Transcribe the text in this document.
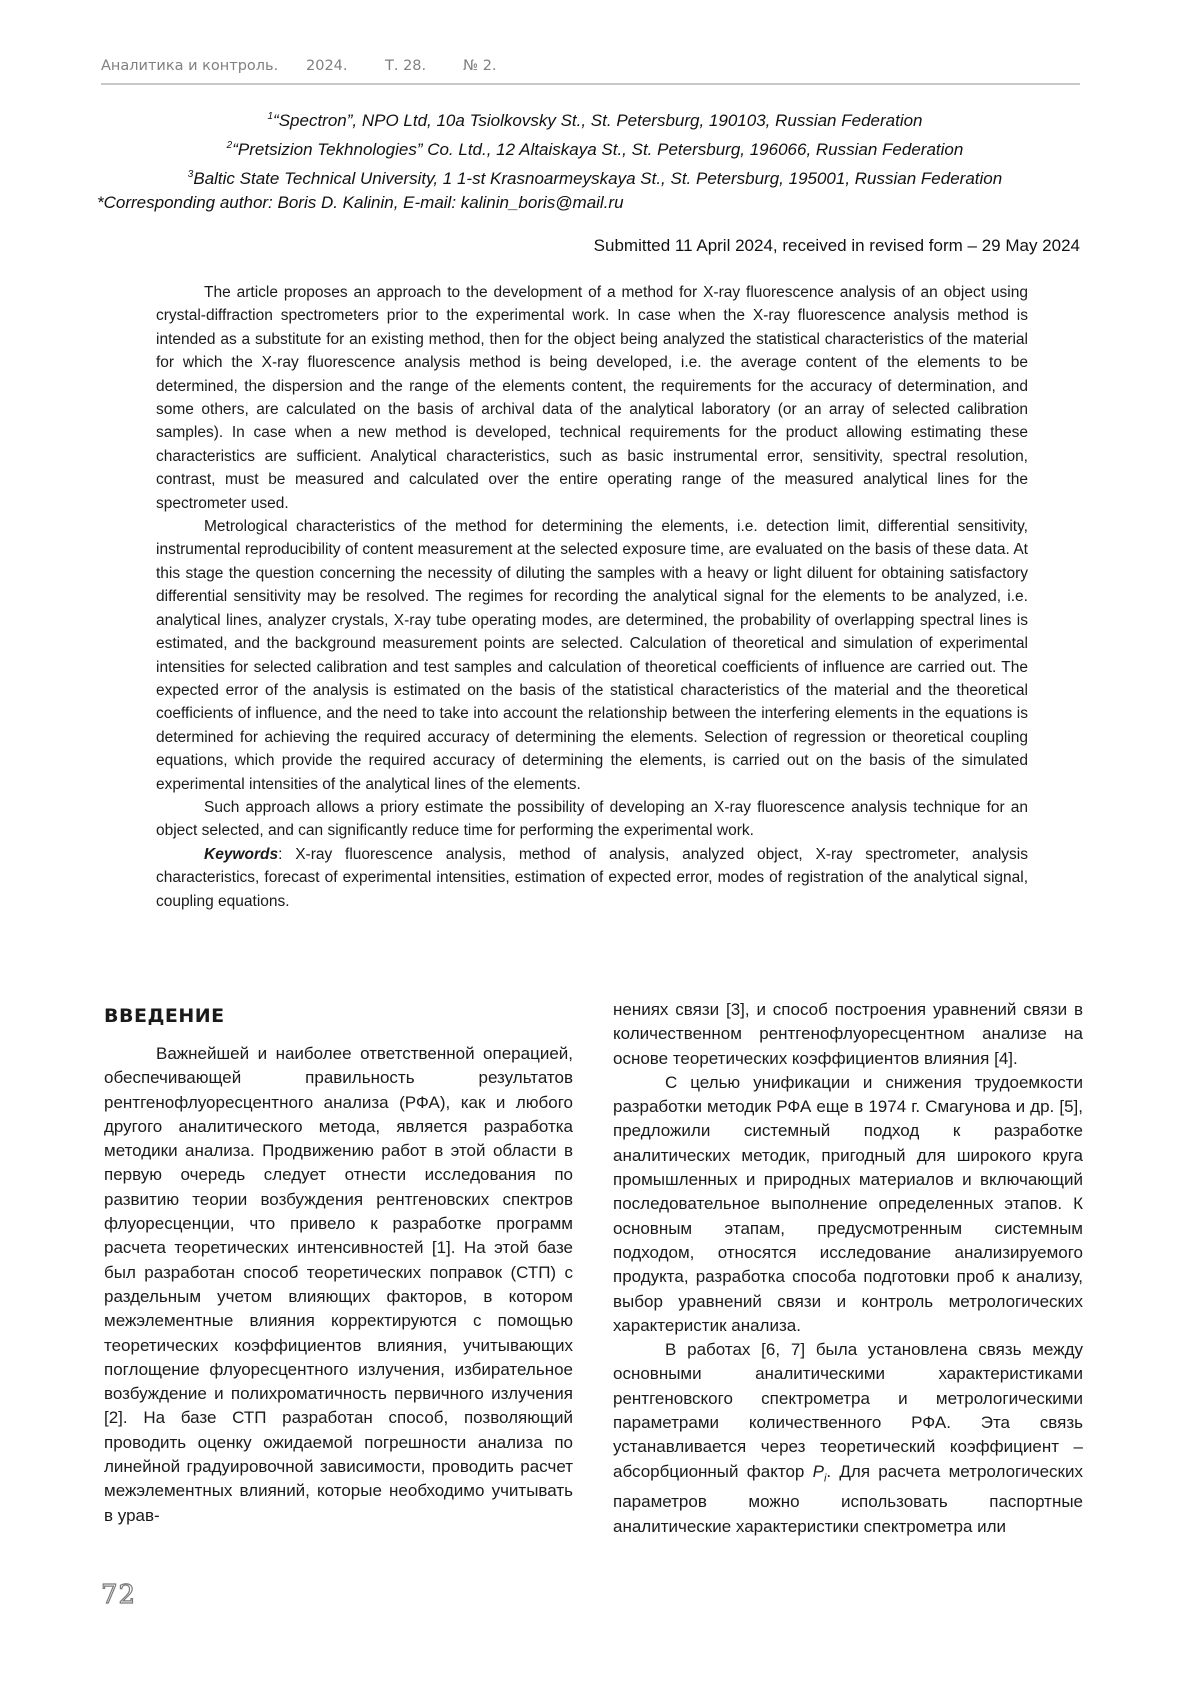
Аналитика и контроль. 2024.	Т. 28.	№ 2.
$^1$“Spectron”, NPO Ltd, 10a Tsiolkovsky St., St. Petersburg, 190103, Russian Federation
$^2$“Pretsizion Tekhnologies” Co. Ltd., 12 Altaiskaya St., St. Petersburg, 196066, Russian Federation
$^3$Baltic State Technical University, 1 1-st Krasnoarmeyskaya St., St. Petersburg, 195001, Russian Federation
*Corresponding author: Boris D. Kalinin, E-mail: kalinin_boris@mail.ru
Submitted 11 April 2024, received in revised form – 29 May 2024

The article proposes an approach to the development of a method for X-ray fluorescence analysis of an object using crystal-diffraction spectrometers prior to the experimental work. In case when the X-ray fluorescence analysis method is intended as a substitute for an existing method, then for the object being analyzed the statistical characteristics of the material for which the X-ray fluorescence analysis method is being developed, i.e. the average content of the elements to be determined, the dispersion and the range of the elements content, the requirements for the accuracy of determination, and some others, are calculated on the basis of archival data of the analytical laboratory (or an array of selected calibration samples). In case when a new method is developed, technical requirements for the product allowing estimating these characteristics are sufficient. Analytical characteristics, such as basic instrumental error, sensitivity, spectral resolution, contrast, must be measured and calculated over the entire operating range of the measured analytical lines for the spectrometer used.

Metrological characteristics of the method for determining the elements, i.e. detection limit, differential sensitivity, instrumental reproducibility of content measurement at the selected exposure time, are evaluated on the basis of these data. At this stage the question concerning the necessity of diluting the samples with a heavy or light diluent for obtaining satisfactory differential sensitivity may be resolved. The regimes for recording the analytical signal for the elements to be analyzed, i.e. analytical lines, analyzer crystals, X-ray tube operating modes, are determined, the probability of overlapping spectral lines is estimated, and the background measurement points are selected. Calculation of theoretical and simulation of experimental intensities for selected calibration and test samples and calculation of theoretical coefficients of influence are carried out. The expected error of the analysis is estimated on the basis of the statistical characteristics of the material and the theoretical coefficients of influence, and the need to take into account the relationship between the interfering elements in the equations is determined for achieving the required accuracy of determining the elements. Selection of regression or theoretical coupling equations, which provide the required accuracy of determining the elements, is carried out on the basis of the simulated experimental intensities of the analytical lines of the elements.

Such approach allows a priory estimate the possibility of developing an X-ray fluorescence analysis technique for an object selected, and can significantly reduce time for performing the experimental work.

Keywords: X-ray fluorescence analysis, method of analysis, analyzed object, X-ray spectrometer, analysis characteristics, forecast of experimental intensities, estimation of expected error, modes of registration of the analytical signal, coupling equations.

ВВЕДЕНИЕ

Важнейшей и наиболее ответственной операцией, обеспечивающей правильность результатов рентгенофлуоресцентного анализа (РФА), как и любого другого аналитического метода, является разработка методики анализа. Продвижению работ в этой области в первую очередь следует отнести исследования по развитию теории возбуждения рентгеновских спектров флуоресценции, что привело к разработке программ расчета теоретических интенсивностей [1]. На этой базе был разработан способ теоретических поправок (СТП) с раздельным учетом влияющих факторов, в котором межэлементные влияния корректируются с помощью теоретических коэффициентов влияния, учитывающих поглощение флуоресцентного излучения, избирательное возбуждение и полихроматичность первичного излучения [2]. На базе СТП разработан способ, позволяющий проводить оценку ожидаемой погрешности анализа по линейной градуировочной зависимости, проводить расчет межэлементных влияний, которые необходимо учитывать в урав-

нениях связи [3], и способ построения уравнений связи в количественном рентгенофлуоресцентном анализе на основе теоретических коэффициентов влияния [4].

С целью унификации и снижения трудоемкости разработки методик РФА еще в 1974 г. Смагунова и др. [5], предложили системный подход к разработке аналитических методик, пригодный для широкого круга промышленных и природных материалов и включающий последовательное выполнение определенных этапов. К основным этапам, предусмотренным системным подходом, относятся исследование анализируемого продукта, разработка способа подготовки проб к анализу, выбор уравнений связи и контроль метрологических характеристик анализа.

В работах [6, 7] была установлена связь между основными аналитическими характеристиками рентгеновского спектрометра и метрологическими параметрами количественного РФА. Эта связь устанавливается через теоретический коэффициент – абсорбционный фактор $P_i$. Для расчета метрологических параметров можно использовать паспортные аналитические характеристики спектрометра или

72
